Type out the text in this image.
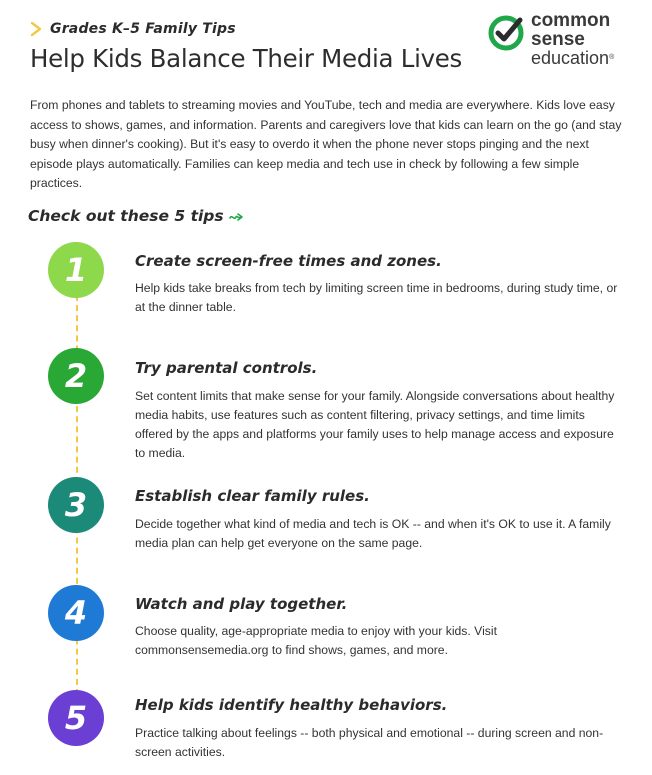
Grades K–5 Family Tips
Help Kids Balance Their Media Lives
common
sense
education®

From phones and tablets to streaming movies and YouTube, tech and media are everywhere. Kids love easy access to shows, games, and information. Parents and caregivers love that kids can learn on the go (and stay busy when dinner's cooking). But it's easy to overdo it when the phone never stops pinging and the next episode plays automatically. Families can keep media and tech use in check by following a few simple practices.

Check out these 5 tips
1	Create screen-free times and zones.

Help kids take breaks from tech by limiting screen time in bedrooms, during study time, or at the dinner table.

2	Try parental controls.

Set content limits that make sense for your family. Alongside conversations about healthy media habits, use features such as content filtering, privacy settings, and time limits offered by the apps and platforms your family uses to help manage access and exposure to media.

3	Establish clear family rules.

Decide together what kind of media and tech is OK -- and when it's OK to use it. A family media plan can help get everyone on the same page.

4	Watch and play together.

Choose quality, age-appropriate media to enjoy with your kids. Visit commonsensemedia.org to find shows, games, and more.

5	Help kids identify healthy behaviors.

Practice talking about feelings -- both physical and emotional -- during screen and non-screen activities.
